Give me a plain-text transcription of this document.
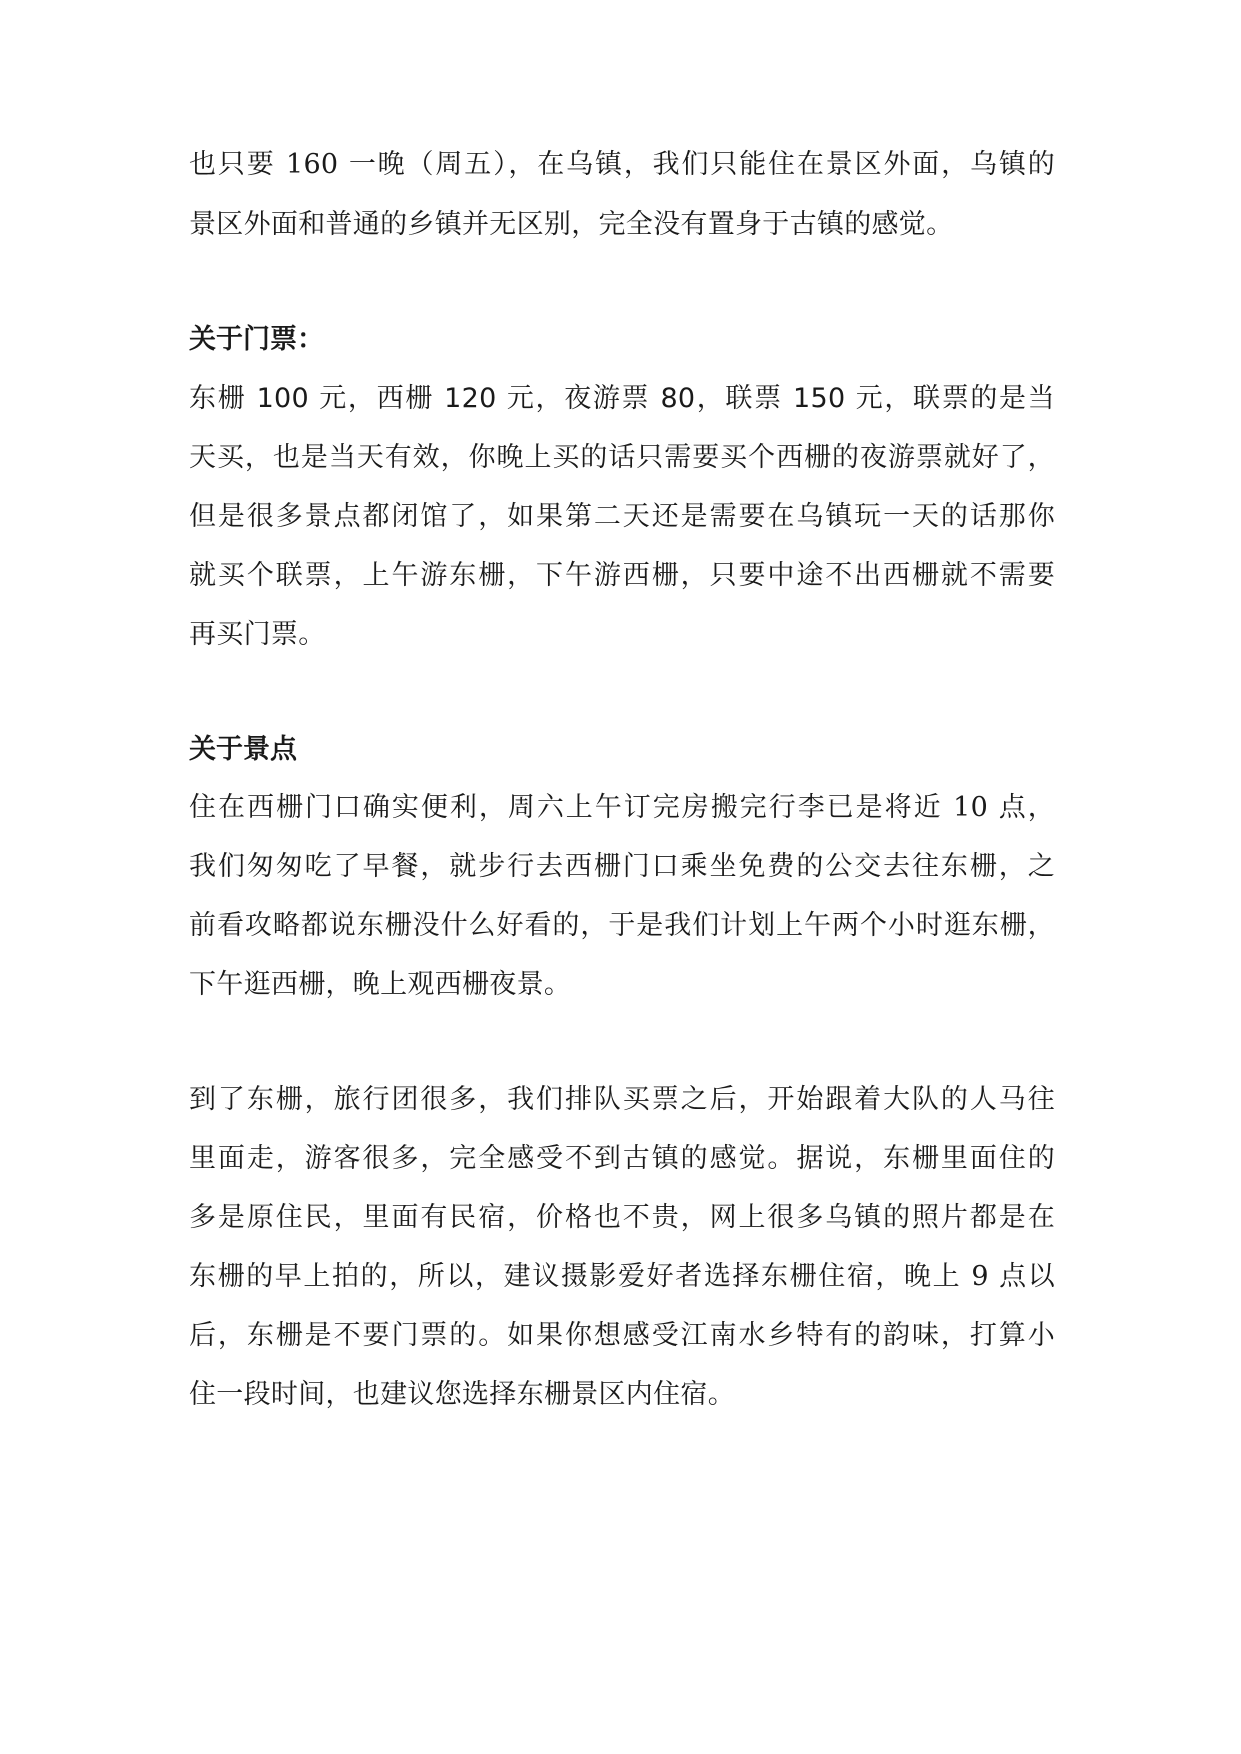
也只要 160 一晚（周五），在乌镇，我们只能住在景区外面，乌镇的
景区外面和普通的乡镇并无区别，完全没有置身于古镇的感觉。
关于门票：
东栅 100 元，西栅 120 元，夜游票 80，联票 150 元，联票的是当
天买，也是当天有效，你晚上买的话只需要买个西栅的夜游票就好了，
但是很多景点都闭馆了，如果第二天还是需要在乌镇玩一天的话那你
就买个联票，上午游东栅，下午游西栅，只要中途不出西栅就不需要
再买门票。
关于景点
住在西栅门口确实便利，周六上午订完房搬完行李已是将近 10 点，
我们匆匆吃了早餐，就步行去西栅门口乘坐免费的公交去往东栅，之
前看攻略都说东栅没什么好看的，于是我们计划上午两个小时逛东栅，
下午逛西栅，晚上观西栅夜景。
到了东栅，旅行团很多，我们排队买票之后，开始跟着大队的人马往
里面走，游客很多，完全感受不到古镇的感觉。据说，东栅里面住的
多是原住民，里面有民宿，价格也不贵，网上很多乌镇的照片都是在
东栅的早上拍的，所以，建议摄影爱好者选择东栅住宿，晚上 9 点以
后，东栅是不要门票的。如果你想感受江南水乡特有的韵味，打算小
住一段时间，也建议您选择东栅景区内住宿。
